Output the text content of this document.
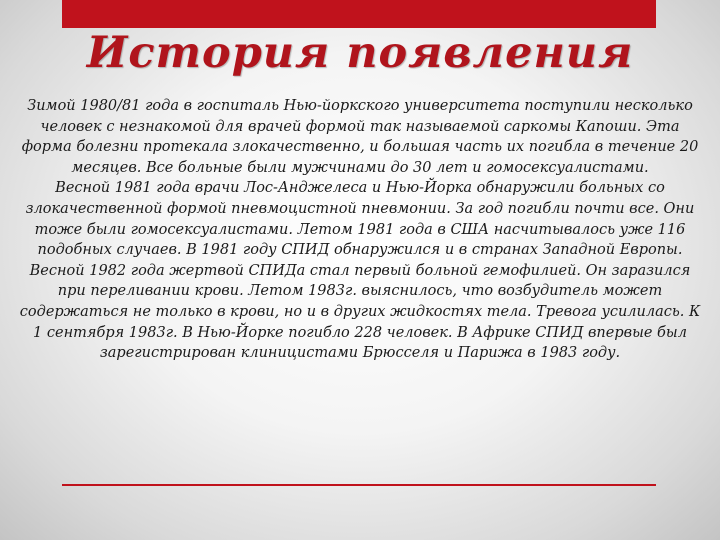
История появления

Зимой 1980/81 года в госпиталь Нью-йоркского университета поступили несколько человек с незнакомой для врачей формой так называемой саркомы Капоши. Эта форма болезни протекала злокачественно, и большая часть их погибла в течение 20 месяцев. Все больные были мужчинами до 30 лет и гомосексуалистами.

Весной 1981 года врачи Лос-Анджелеса и Нью-Йорка обнаружили больных со злокачественной формой пневмоцистной пневмонии. За год погибли почти все. Они тоже были гомосексуалистами. Летом 1981 года в США насчитывалось уже 116 подобных случаев. В 1981 году СПИД обнаружился и в странах Западной Европы.

Весной 1982 года жертвой СПИДа стал первый больной гемофилией. Он заразился при переливании крови. Летом 1983г. выяснилось, что возбудитель может содержаться не только в крови, но и в других жидкостях тела. Тревога усилилась. К 1 сентября 1983г. В Нью-Йорке погибло 228 человек. В Африке СПИД впервые был зарегистрирован клиницистами Брюсселя и Парижа в 1983 году.
